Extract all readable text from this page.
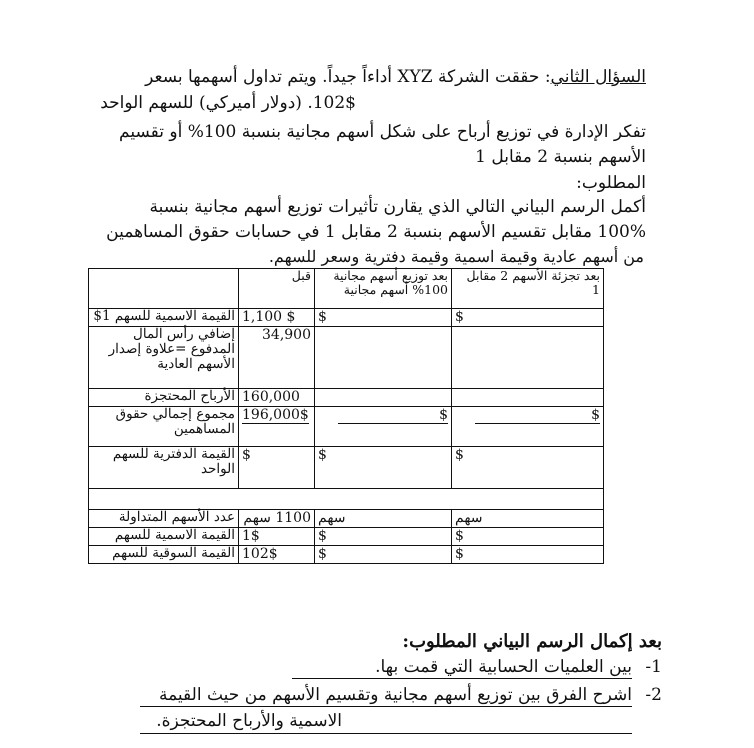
السؤال الثاني: حققت الشركة XYZ أداءاً جيداً. ويتم تداول أسهمها بسعر
102$. (دولار أميركي) للسهم الواحد
تفكر الإدارة في توزيع أرباح على شكل أسهم مجانية بنسبة 100% أو تقسيم
الأسهم بنسبة 2 مقابل 1
المطلوب:
أكمل الرسم البياني التالي الذي يقارن تأثيرات توزيع أسهم مجانية بنسبة
100% مقابل تقسيم الأسهم بنسبة 2 مقابل 1 في حسابات حقوق المساهمين
من أسهم عادية وقيمة اسمية وقيمة دفترية وسعر للسهم.
	قبل	بعد توزيع أسهم مجانية 100% أسهم مجانية	بعد تجزئة الأسهم 2 مقابل 1
القيمة الاسمية للسهم 1$	1,100 $	$	$
إضافي رأس المال المدفوع =علاوة إصدار الأسهم العادية	34,900		
الأرباح المحتجزة	160,000		
مجموع إجمالي حقوق المساهمين	196,000$	$	$
القيمة الدفترية للسهم الواحد	$	$	$

عدد الأسهم المتداولة	1100 سهم	سهم	سهم
القيمة الاسمية للسهم	1$	$	$
القيمة السوقية للسهم	102$	$	$
بعد إكمال الرسم البياني المطلوب:
1-
بين العلميات الحسابية التي قمت بها.
2-
اشرح الفرق بين توزيع أسهم مجانية وتقسيم الأسهم من حيث القيمة
الاسمية والأرباح المحتجزة.
